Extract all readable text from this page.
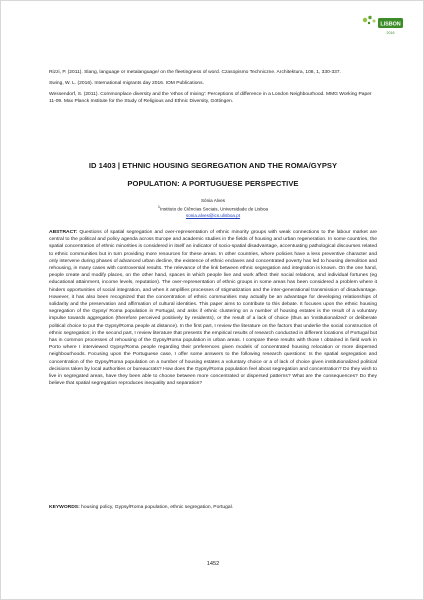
LISBON
2016

Rizzi, P. (2011). Slang, language or metalanguage/ on the fleetingness of word. Czasopismo Techniczne. Architektura, 108, 1, 330-337.

Swing, W. L. (2016). International migrants day 2016. IOM Publications.

Wessendorf, S. (2011). Commonplace diversity and the 'ethos of mixing': Perceptions of difference in a London Neighbourhood. MMG Working Paper 11-09. Max Planck Institute for the Study of Religious and Ethnic Diversity, Göttingen.

ID 1403 | ETHNIC HOUSING SEGREGATION AND THE ROMA/GYPSY
POPULATION: A PORTUGUESE PERSPECTIVE
Sónia Alves
$^1$Instituto de Ciências Sociais, Universidade de Lisboa
sonia.alves@ics.ulisboa.pt
ABSTRACT: Questions of spatial segregation and over-representation of ethnic minority groups with weak connections to the labour market are central to the political and policy agenda across Europe and academic studies in the fields of housing and urban regeneration. In some countries, the spatial concentration of ethnic minorities is considered in itself an indicator of socio-spatial disadvantage, accentuating pathological discourses related to ethnic communities but in turn providing more resources for these areas. In other countries, where policies have a less preventive character and only intervene during phases of advanced urban decline, the existence of ethnic enclaves and concentrated poverty has led to housing demolition and rehousing, in many cases with controversial results. The relevance of the link between ethnic segregation and integration is known. On the one hand, people create and modify places, on the other hand, spaces in which people live and work affect their social relations, and individual fortunes (eg educational attainment, income levels, reputation). The over-representation of ethnic groups in some areas has been considered a problem where it hinders opportunities of social integration, and when it amplifies processes of stigmatization and the inter-generational transmission of disadvantage. However, it has also been recognized that the concentration of ethnic communities may actually be an advantage for developing relationships of solidarity and the preservation and affirmation of cultural identities. This paper aims to contribute to this debate. It focuses upon the ethnic housing segregation of the Gypsy/ Roma population in Portugal, and asks if ethnic clustering on a number of housing estates is the result of a voluntary impulse towards aggregation (therefore perceived positively by residents), or the result of a lack of choice (thus an 'institutionalized' or deliberate political choice to put the Gypsy/Roma people at distance). In the first part, I review the literature on the factors that underlie the social construction of ethnic segregation; in the second part, I review literature that presents the empirical results of research conducted in different locations of Portugal but has in common processes of rehousing of the Gypsy/Roma population in urban areas. I compare these results with those I obtained in field work in Porto where I interviewed Gypsy/Roma people regarding their preferences given models of concentrated housing relocation or more dispersed neighbourhoods. Focusing upon the Portuguese case, I offer some answers to the following research questions: Is the spatial segregation and concentration of the Gypsy/Roma population on a number of housing estates a voluntary choice or a of lack of choice given institutionalized political decisions taken by local authorities or bureaucrats? How does the Gypsy/Roma population feel about segregation and concentration? Do they wish to live in segregated areas, have they been able to choose between more concentrated or dispersed patterns? What are the consequences? Do they believe that spatial segregation reproduces inequality and separation?
KEYWORDS: housing policy, Gypsy/Roma population, ethnic segregation, Portugal.
1452
